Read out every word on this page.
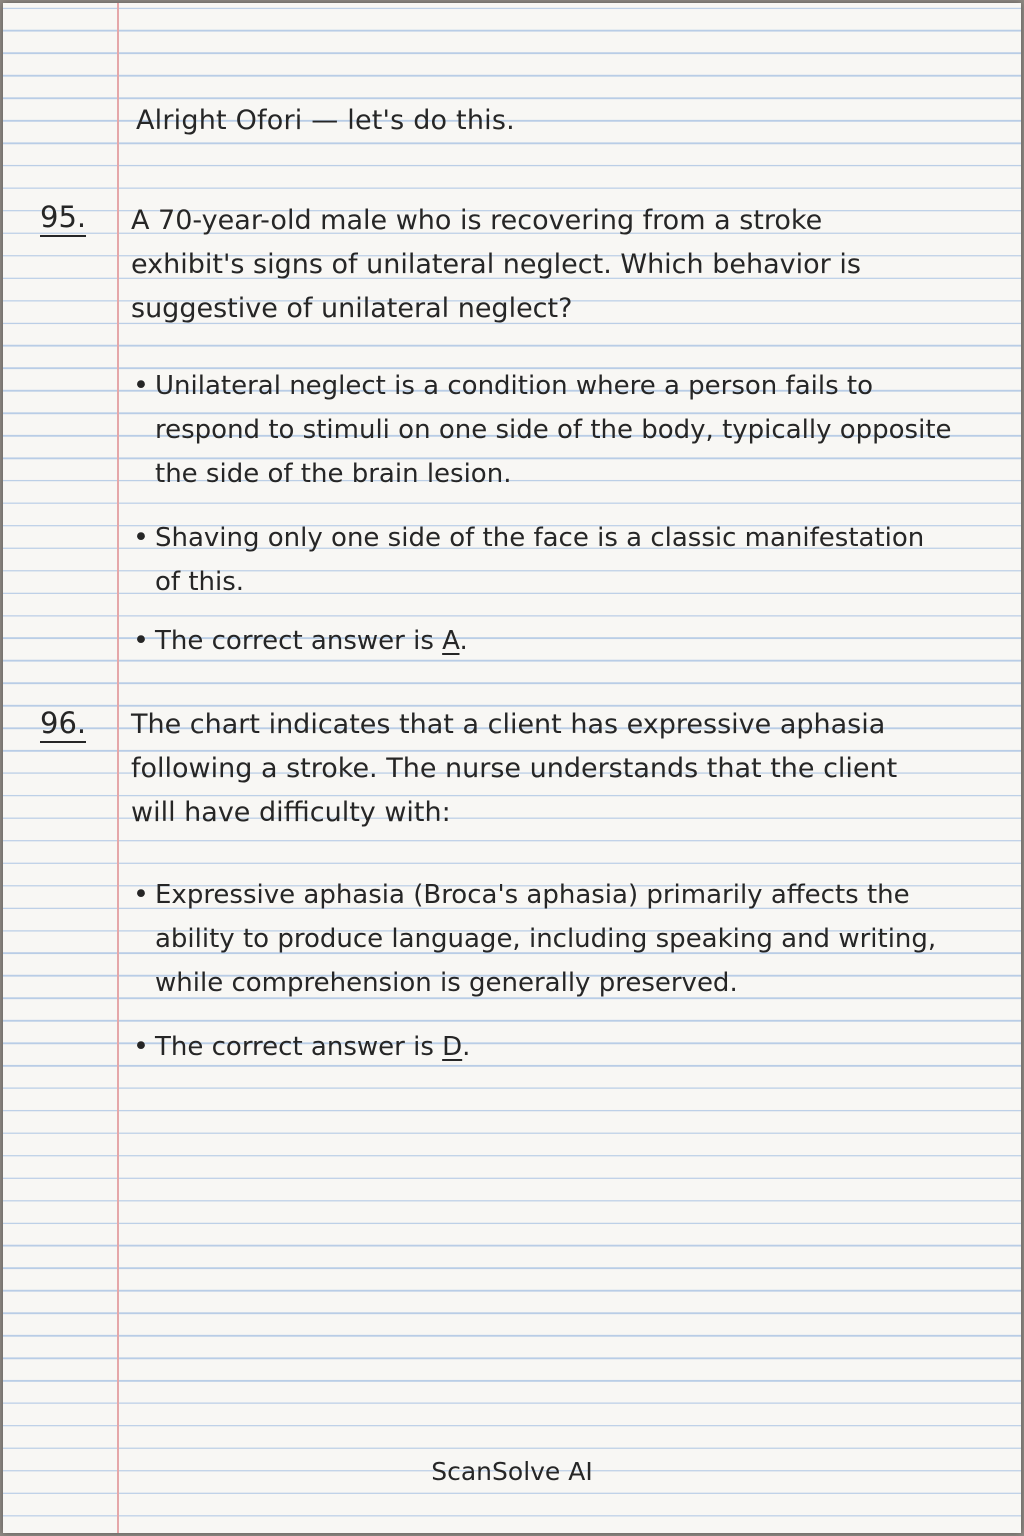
Alright Ofori — let's do this.
95. A 70-year-old male who is recovering from a stroke exhibit's signs of unilateral neglect. Which behavior is suggestive of unilateral neglect?
• Unilateral neglect is a condition where a person fails to respond to stimuli on one side of the body, typically opposite the side of the brain lesion.
• Shaving only one side of the face is a classic manifestation of this.
• The correct answer is A.
96. The chart indicates that a client has expressive aphasia following a stroke. The nurse understands that the client will have difficulty with:
• Expressive aphasia (Broca's aphasia) primarily affects the ability to produce language, including speaking and writing, while comprehension is generally preserved.
• The correct answer is D.
ScanSolve AI
